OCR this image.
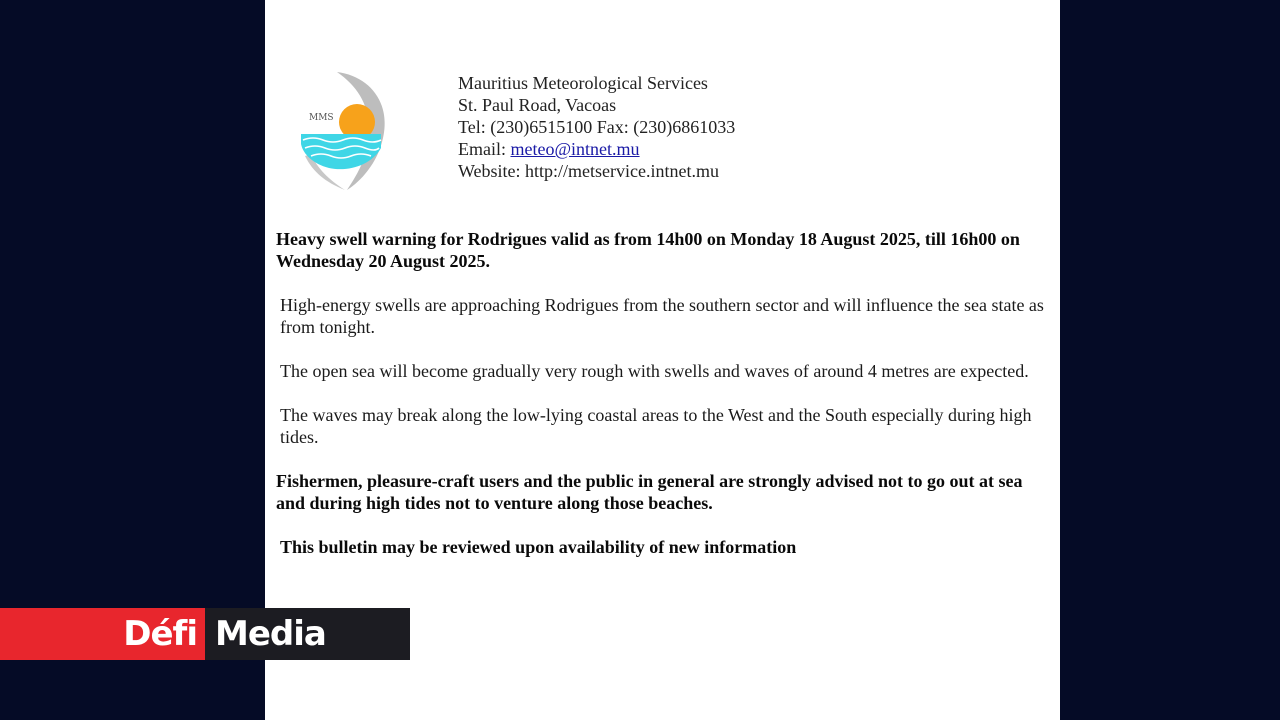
MMS
Mauritius Meteorological Services
St. Paul Road, Vacoas
Tel: (230)6515100 Fax: (230)6861033
Email: meteo@intnet.mu
Website: http://metservice.intnet.mu

Heavy swell warning for Rodrigues valid as from 14h00 on Monday 18 August 2025, till 16h00 on Wednesday 20 August 2025.

High-energy swells are approaching Rodrigues from the southern sector and will influence the sea state as from tonight.

The open sea will become gradually very rough with swells and waves of around 4 metres are expected.

The waves may break along the low-lying coastal areas to the West and the South especially during high tides.

Fishermen, pleasure-craft users and the public in general are strongly advised not to go out at sea and during high tides not to venture along those beaches.

This bulletin may be reviewed upon availability of new information

Défi Media
